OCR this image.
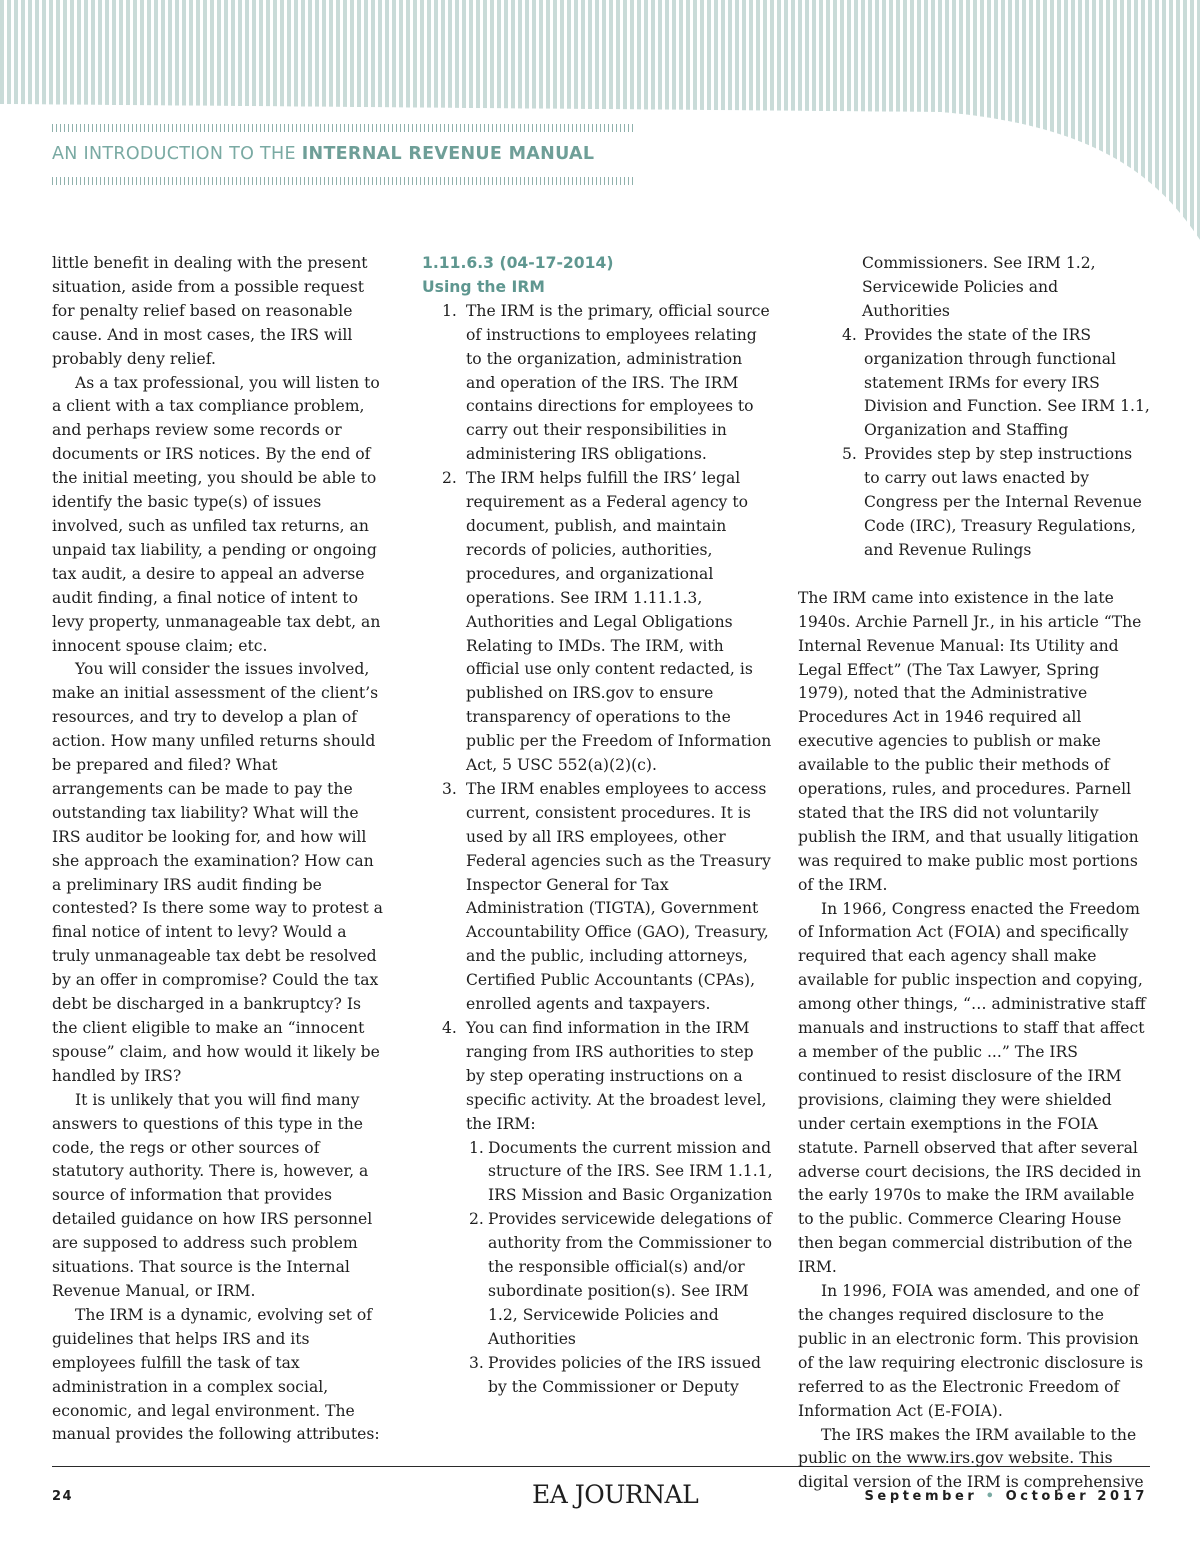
AN INTRODUCTION TO THE INTERNAL REVENUE MANUAL

little benefit in dealing with the present situation, aside from a possible request for penalty relief based on reasonable cause. And in most cases, the IRS will probably deny relief.

As a tax professional, you will listen to a client with a tax compliance problem, and perhaps review some records or documents or IRS notices. By the end of the initial meeting, you should be able to identify the basic type(s) of issues involved, such as unfiled tax returns, an unpaid tax liability, a pending or ongoing tax audit, a desire to appeal an adverse audit finding, a final notice of intent to levy property, unmanageable tax debt, an innocent spouse claim; etc.

You will consider the issues involved, make an initial assessment of the client’s resources, and try to develop a plan of action. How many unfiled returns should be prepared and filed? What arrangements can be made to pay the outstanding tax liability? What will the IRS auditor be looking for, and how will she approach the examination? How can a preliminary IRS audit finding be contested? Is there some way to protest a final notice of intent to levy? Would a truly unmanageable tax debt be resolved by an offer in compromise? Could the tax debt be discharged in a bankruptcy? Is the client eligible to make an “innocent spouse” claim, and how would it likely be handled by IRS?

It is unlikely that you will find many answers to questions of this type in the code, the regs or other sources of statutory authority. There is, however, a source of information that provides detailed guidance on how IRS personnel are supposed to address such problem situations. That source is the Internal Revenue Manual, or IRM.

The IRM is a dynamic, evolving set of guidelines that helps IRS and its employees fulfill the task of tax administration in a complex social, economic, and legal environment. The manual provides the following attributes:

1.11.6.3 (04-17-2014)
Using the IRM
1. The IRM is the primary, official source of instructions to employees relating to the organization, administration and operation of the IRS. The IRM contains directions for employees to carry out their responsibilities in administering IRS obligations.
2. The IRM helps fulfill the IRS’ legal requirement as a Federal agency to document, publish, and maintain records of policies, authorities, procedures, and organizational operations. See IRM 1.11.1.3, Authorities and Legal Obligations Relating to IMDs. The IRM, with official use only content redacted, is published on IRS.gov to ensure transparency of operations to the public per the Freedom of Information Act, 5 USC 552(a)(2)(c).
3. The IRM enables employees to access current, consistent procedures. It is used by all IRS employees, other Federal agencies such as the Treasury Inspector General for Tax Administration (TIGTA), Government Accountability Office (GAO), Treasury, and the public, including attorneys, Certified Public Accountants (CPAs), enrolled agents and taxpayers.
4. You can find information in the IRM ranging from IRS authorities to step by step operating instructions on a specific activity. At the broadest level, the IRM:
1. Documents the current mission and structure of the IRS. See IRM 1.1.1, IRS Mission and Basic Organization
2. Provides servicewide delegations of authority from the Commissioner to the responsible official(s) and/or subordinate position(s). See IRM 1.2, Servicewide Policies and Authorities
3. Provides policies of the IRS issued by the Commissioner or Deputy
Commissioners. See IRM 1.2, Servicewide Policies and Authorities
4. Provides the state of the IRS organization through functional statement IRMs for every IRS Division and Function. See IRM 1.1, Organization and Staffing
5. Provides step by step instructions to carry out laws enacted by Congress per the Internal Revenue Code (IRC), Treasury Regulations, and Revenue Rulings

The IRM came into existence in the late 1940s. Archie Parnell Jr., in his article “The Internal Revenue Manual: Its Utility and Legal Effect” (The Tax Lawyer, Spring 1979), noted that the Administrative Procedures Act in 1946 required all executive agencies to publish or make available to the public their methods of operations, rules, and procedures. Parnell stated that the IRS did not voluntarily publish the IRM, and that usually litigation was required to make public most portions of the IRM.

In 1966, Congress enacted the Freedom of Information Act (FOIA) and specifically required that each agency shall make available for public inspection and copying, among other things, “… administrative staff manuals and instructions to staff that affect a member of the public ...” The IRS continued to resist disclosure of the IRM provisions, claiming they were shielded under certain exemptions in the FOIA statute. Parnell observed that after several adverse court decisions, the IRS decided in the early 1970s to make the IRM available to the public. Commerce Clearing House then began commercial distribution of the IRM.

In 1996, FOIA was amended, and one of the changes required disclosure to the public in an electronic form. This provision of the law requiring electronic disclosure is referred to as the Electronic Freedom of Information Act (E-FOIA).

The IRS makes the IRM available to the public on the www.irs.gov website. This digital version of the IRM is comprehensive

24	EA JOURNAL	September • October 2017
